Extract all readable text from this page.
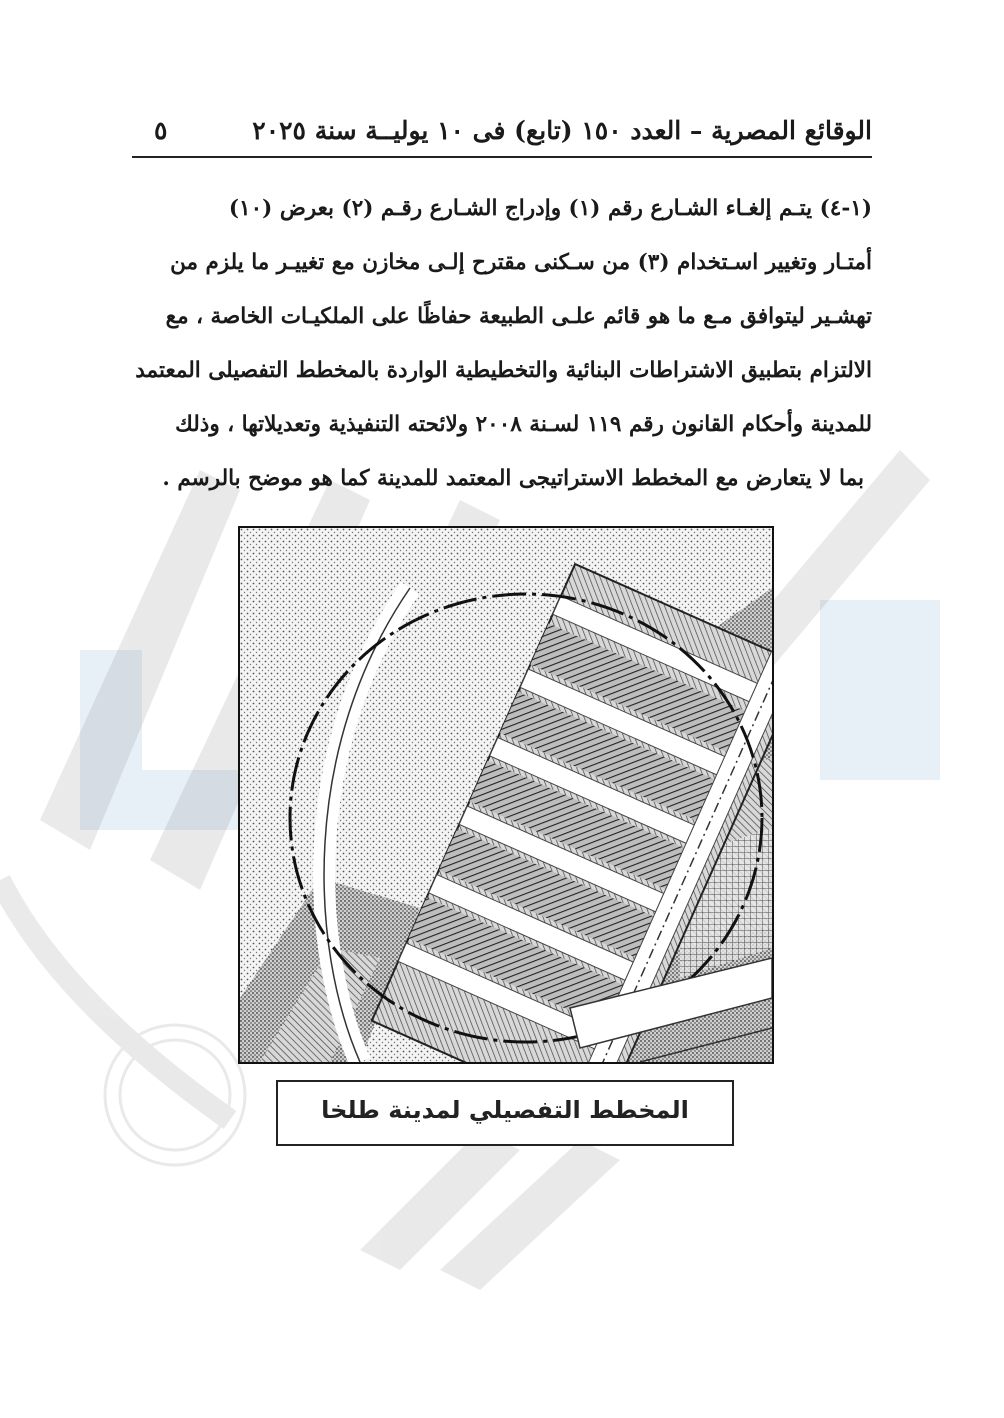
الوقائع المصرية – العدد ١٥٠ (تابع) فى ١٠ يوليــة سنة ٢٠٢٥
٥
(١-٤) يتـم إلغـاء الشـارع رقم (١) وإدراج الشـارع رقـم (٢) بعرض (١٠)
أمتـار وتغيير اسـتخدام (٣) من سـكنى مقترح إلـى مخازن مع تغييـر ما يلزم من
تهشـير ليتوافق مـع ما هو قائم علـى الطبيعة حفاظًا على الملكيـات الخاصة ، مع
الالتزام بتطبيق الاشتراطات البنائية والتخطيطية الواردة بالمخطط التفصيلى المعتمد
للمدينة وأحكام القانون رقم ١١٩ لسـنة ٢٠٠٨ ولائحته التنفيذية وتعديلاتها ، وذلك
بما لا يتعارض مع المخطط الاستراتيجى المعتمد للمدينة كما هو موضح بالرسم .
المخطط التفصيلي لمدينة طلخا
